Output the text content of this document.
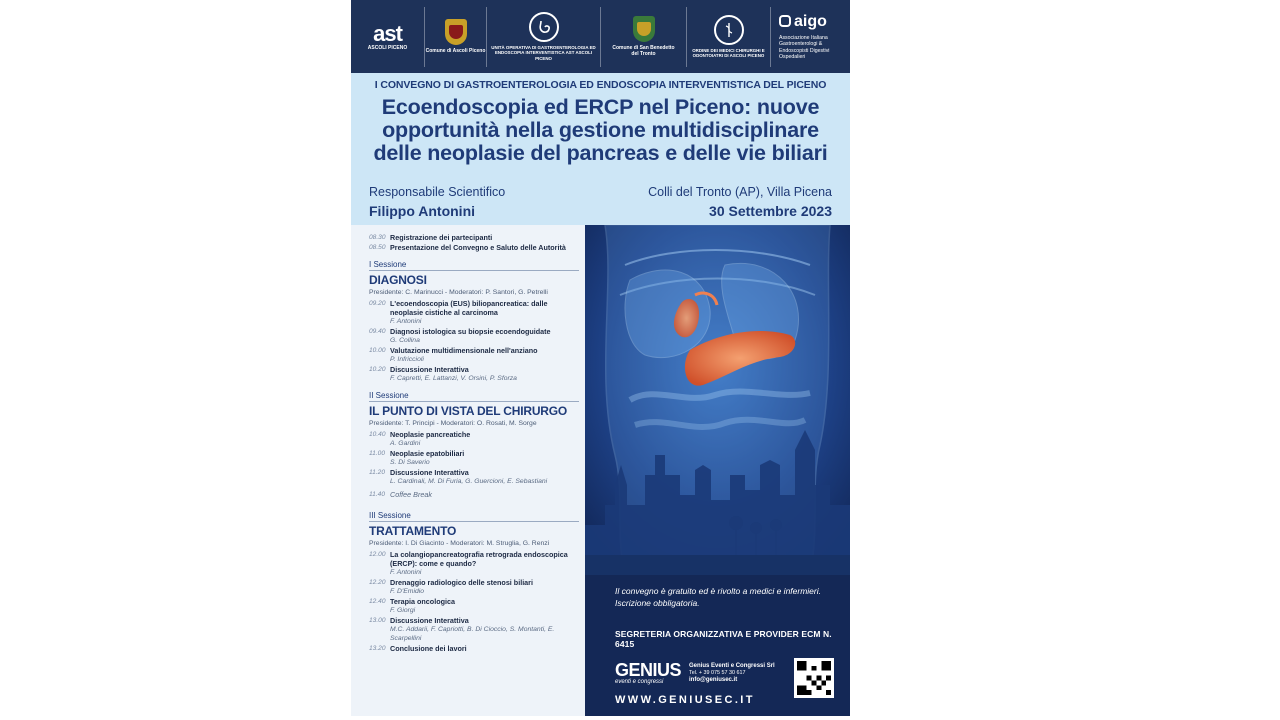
ast
ASCOLI PICENO
Comune di Ascoli Piceno
UNITÀ OPERATIVA DI GASTROENTEROLOGIA ED ENDOSCOPIA INTERVENTISTICA AST ASCOLI PICENO
Comune di San Benedetto del Tronto
ORDINE DEI MEDICI CHIRURGHI E ODONTOIATRI DI ASCOLI PICENO
aigo
Associazione Italiana Gastroenterologi & Endoscopisti Digestivi Ospedalieri
I CONVEGNO DI GASTROENTEROLOGIA ED ENDOSCOPIA INTERVENTISTICA DEL PICENO
Ecoendoscopia ed ERCP nel Piceno: nuove opportunità nella gestione multidisciplinare delle neoplasie del pancreas e delle vie biliari
Responsabile Scientifico
Filippo Antonini
Colli del Tronto (AP), Villa Picena
30 Settembre 2023
08.30 Registrazione dei partecipanti
08.50 Presentazione del Convegno e Saluto delle Autorità
I Sessione
DIAGNOSI
Presidente: C. Marinucci - Moderatori: P. Santori, G. Petrelli
09.20 L'ecoendoscopia (EUS) biliopancreatica: dalle neoplasie cistiche al carcinoma
F. Antonini
09.40 Diagnosi istologica su biopsie ecoendoguidate
G. Collina
10.00 Valutazione multidimensionale nell'anziano
P. Infriccioli
10.20 Discussione Interattiva
F. Capretti, E. Lattanzi, V. Orsini, P. Sforza
II Sessione
IL PUNTO DI VISTA DEL CHIRURGO
Presidente: T. Principi - Moderatori: O. Rosati, M. Sorge
10.40 Neoplasie pancreatiche
A. Gardini
11.00 Neoplasie epatobiliari
S. Di Saverio
11.20 Discussione Interattiva
L. Cardinali, M. Di Furia, G. Guercioni, E. Sebastiani
11.40 Coffee Break
III Sessione
TRATTAMENTO
Presidente: I. Di Giacinto - Moderatori: M. Struglia, G. Renzi
12.00 La colangiopancreatografia retrograda endoscopica (ERCP): come e quando?
F. Antonini
12.20 Drenaggio radiologico delle stenosi biliari
F. D'Emidio
12.40 Terapia oncologica
F. Giorgi
13.00 Discussione Interattiva
M.C. Addarii, F. Capriotti, B. Di Cioccio, S. Montanti, E. Scarpellini
13.20 Conclusione dei lavori
Il convegno è gratuito ed è rivolto a medici e infermieri. Iscrizione obbligatoria.
SEGRETERIA ORGANIZZATIVA E PROVIDER ECM N. 6415
GENIUS
eventi e congressi
Genius Eventi e Congressi Srl
Tel. + 39 075 57 30 617
info@geniusec.it
WWW.GENIUSEC.IT
